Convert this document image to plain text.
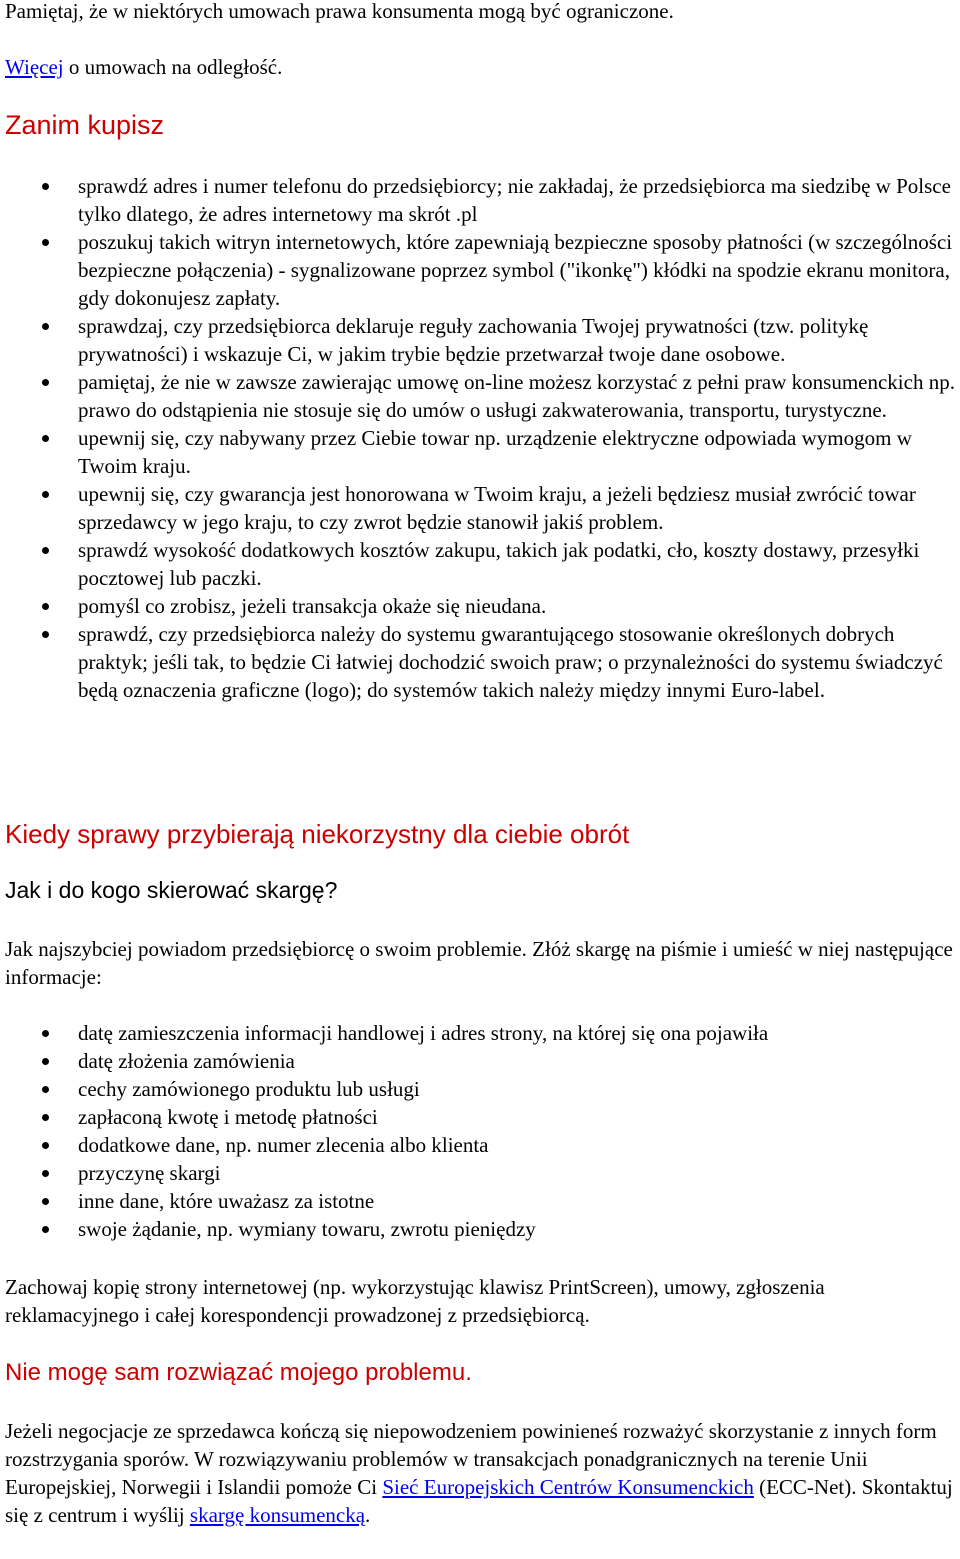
Pamiętaj, że w niektórych umowach prawa konsumenta mogą być ograniczone.

Więcej o umowach na odległość.

Zanim kupisz
sprawdź adres i numer telefonu do przedsiębiorcy; nie zakładaj, że przedsiębiorca ma siedzibę w Polsce tylko dlatego, że adres internetowy ma skrót .pl
poszukuj takich witryn internetowych, które zapewniają bezpieczne sposoby płatności (w szczególności bezpieczne połączenia) - sygnalizowane poprzez symbol ("ikonkę") kłódki na spodzie ekranu monitora, gdy dokonujesz zapłaty.
sprawdzaj, czy przedsiębiorca deklaruje reguły zachowania Twojej prywatności (tzw. politykę prywatności) i wskazuje Ci, w jakim trybie będzie przetwarzał twoje dane osobowe.
pamiętaj, że nie w zawsze zawierając umowę on-line możesz korzystać z pełni praw konsumenckich np. prawo do odstąpienia nie stosuje się do umów o usługi zakwaterowania, transportu, turystyczne.
upewnij się, czy nabywany przez Ciebie towar np. urządzenie elektryczne odpowiada wymogom w Twoim kraju.
upewnij się, czy gwarancja jest honorowana w Twoim kraju, a jeżeli będziesz musiał zwrócić towar sprzedawcy w jego kraju, to czy zwrot będzie stanowił jakiś problem.
sprawdź wysokość dodatkowych kosztów zakupu, takich jak podatki, cło, koszty dostawy, przesyłki pocztowej lub paczki.
pomyśl co zrobisz, jeżeli transakcja okaże się nieudana.
sprawdź, czy przedsiębiorca należy do systemu gwarantującego stosowanie określonych dobrych praktyk; jeśli tak, to będzie Ci łatwiej dochodzić swoich praw; o przynależności do systemu świadczyć będą oznaczenia graficzne (logo); do systemów takich należy między innymi Euro-label.
Kiedy sprawy przybierają niekorzystny dla ciebie obrót
Jak i do kogo skierować skargę?

Jak najszybciej powiadom przedsiębiorcę o swoim problemie. Złóż skargę na piśmie i umieść w niej następujące informacje:

datę zamieszczenia informacji handlowej i adres strony, na której się ona pojawiła
datę złożenia zamówienia
cechy zamówionego produktu lub usługi
zapłaconą kwotę i metodę płatności
dodatkowe dane, np. numer zlecenia albo klienta
przyczynę skargi
inne dane, które uważasz za istotne
swoje żądanie, np. wymiany towaru, zwrotu pieniędzy

Zachowaj kopię strony internetowej (np. wykorzystując klawisz PrintScreen), umowy, zgłoszenia reklamacyjnego i całej korespondencji prowadzonej z przedsiębiorcą.

Nie mogę sam rozwiązać mojego problemu.

Jeżeli negocjacje ze sprzedawca kończą się niepowodzeniem powinieneś rozważyć skorzystanie z innych form rozstrzygania sporów. W rozwiązywaniu problemów w transakcjach ponadgranicznych na terenie Unii Europejskiej, Norwegii i Islandii pomoże Ci Sieć Europejskich Centrów Konsumenckich (ECC-Net). Skontaktuj się z centrum i wyślij skargę konsumencką.
